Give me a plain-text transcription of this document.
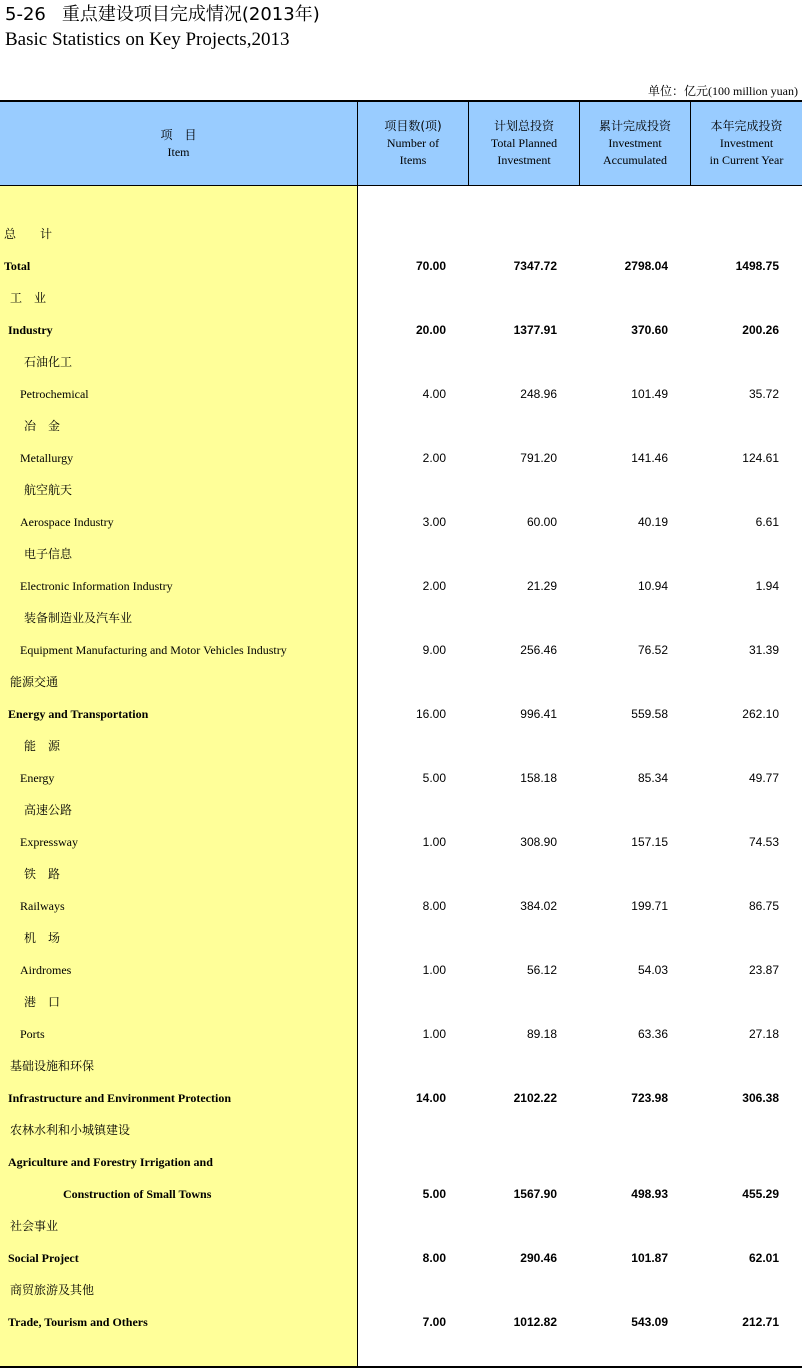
5-26 重点建设项目完成情况(2013年)
Basic Statistics on Key Projects,2013
单位：亿元(100 million yuan)
项　目
Item
项目数(项)
Number of
Items
计划总投资
Total Planned
Investment
累计完成投资
Investment
Accumulated
本年完成投资
Investment
in Current Year
总　　计
Total	70.00	7347.72	2798.04	1498.75
工　业
Industry	20.00	1377.91	370.60	200.26
石油化工
Petrochemical	4.00	248.96	101.49	35.72
冶　金
Metallurgy	2.00	791.20	141.46	124.61
航空航天
Aerospace Industry	3.00	60.00	40.19	6.61
电子信息
Electronic Information Industry	2.00	21.29	10.94	1.94
装备制造业及汽车业
Equipment Manufacturing and Motor Vehicles Industry	9.00	256.46	76.52	31.39
能源交通
Energy and Transportation	16.00	996.41	559.58	262.10
能　源
Energy	5.00	158.18	85.34	49.77
高速公路
Expressway	1.00	308.90	157.15	74.53
铁　路
Railways	8.00	384.02	199.71	86.75
机　场
Airdromes	1.00	56.12	54.03	23.87
港　口
Ports	1.00	89.18	63.36	27.18
基础设施和环保
Infrastructure and Environment Protection	14.00	2102.22	723.98	306.38
农林水利和小城镇建设
Agriculture and Forestry Irrigation and
Construction of Small Towns	5.00	1567.90	498.93	455.29
社会事业
Social Project	8.00	290.46	101.87	62.01
商贸旅游及其他
Trade, Tourism and Others	7.00	1012.82	543.09	212.71
